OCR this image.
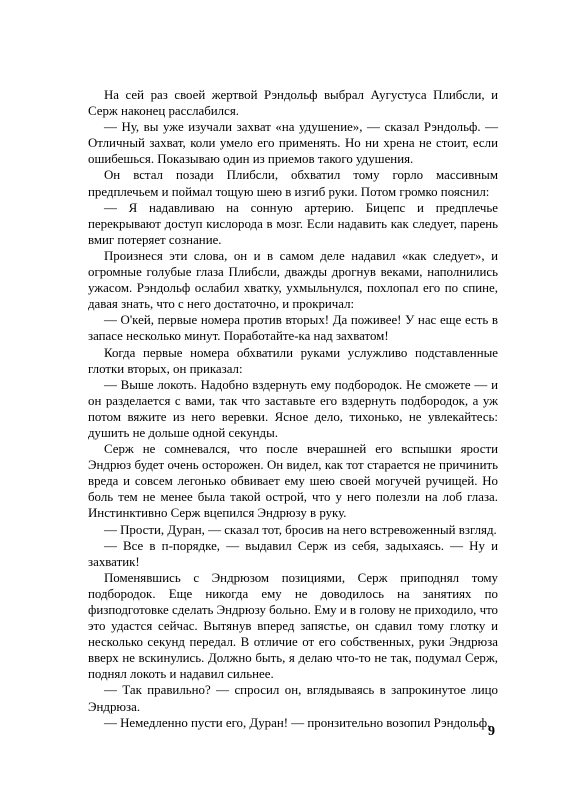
На сей раз своей жертвой Рэндольф выбрал Аугустуса Плибсли, и Серж наконец расслабился.

— Ну, вы уже изучали захват «на удушение», — сказал Рэндольф. — Отличный захват, коли умело его применять. Но ни хрена не стоит, если ошибешься. Показываю один из приемов такого удушения.

Он встал позади Плибсли, обхватил тому горло массивным предплечьем и поймал тощую шею в изгиб руки. Потом громко пояснил:

— Я надавливаю на сонную артерию. Бицепс и предплечье перекрывают доступ кислорода в мозг. Если надавить как следует, парень вмиг потеряет сознание.

Произнеся эти слова, он и в самом деле надавил «как следует», и огромные голубые глаза Плибсли, дважды дрогнув веками, наполнились ужасом. Рэндольф ослабил хватку, ухмыльнулся, похлопал его по спине, давая знать, что с него достаточно, и прокричал:

— О'кей, первые номера против вторых! Да поживее! У нас еще есть в запасе несколько минут. Поработайте-ка над захватом!

Когда первые номера обхватили руками услужливо подставленные глотки вторых, он приказал:

— Выше локоть. Надобно вздернуть ему подбородок. Не сможете — и он разделается с вами, так что заставьте его вздернуть подбородок, а уж потом вяжите из него веревки. Ясное дело, тихонько, не увлекайтесь: душить не дольше одной секунды.

Серж не сомневался, что после вчерашней его вспышки ярости Эндрюз будет очень осторожен. Он видел, как тот старается не причинить вреда и совсем легонько обвивает ему шею своей могучей ручищей. Но боль тем не менее была такой острой, что у него полезли на лоб глаза. Инстинктивно Серж вцепился Эндрюзу в руку.

— Прости, Дуран, — сказал тот, бросив на него встревоженный взгляд.

— Все в п-порядке, — выдавил Серж из себя, задыхаясь. — Ну и захватик!

Поменявшись с Эндрюзом позициями, Серж приподнял тому подбородок. Еще никогда ему не доводилось на занятиях по физподготовке сделать Эндрюзу больно. Ему и в голову не приходило, что это удастся сейчас. Вытянув вперед запястье, он сдавил тому глотку и несколько секунд передал. В отличие от его собственных, руки Эндрюза вверх не вскинулись. Должно быть, я делаю что-то не так, подумал Серж, поднял локоть и надавил сильнее.

— Так правильно? — спросил он, вглядываясь в запрокинутое лицо Эндрюза.

— Немедленно пусти его, Дуран! — пронзительно возопил Рэндольф.

9
